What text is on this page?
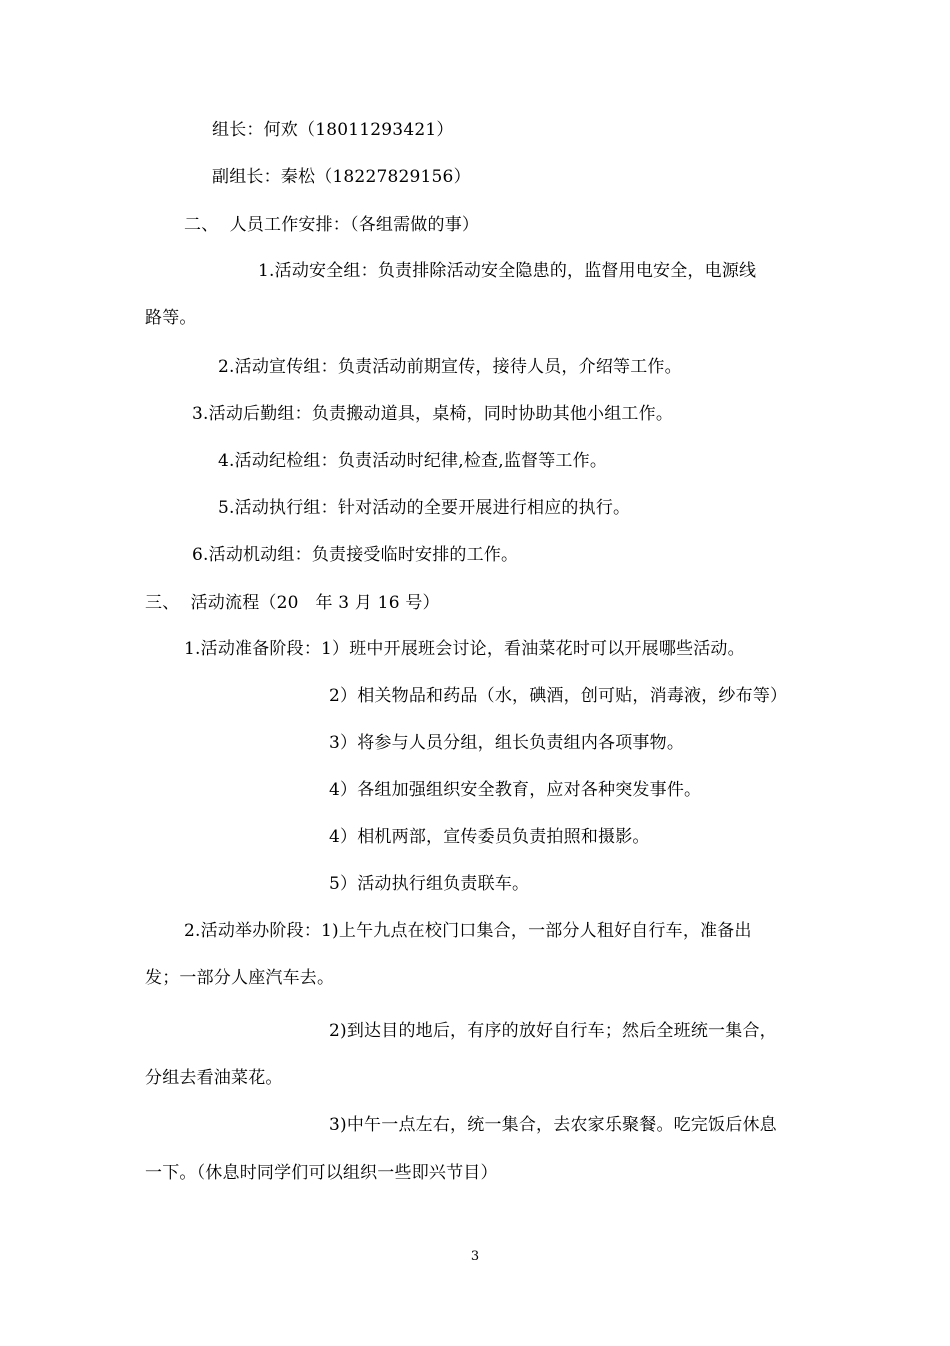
组长：何欢（18011293421）
副组长：秦松（18227829156）
二、  人员工作安排：（各组需做的事）
1.活动安全组：负责排除活动安全隐患的，监督用电安全，电源线
路等。
2.活动宣传组：负责活动前期宣传，接待人员，介绍等工作。
3.活动后勤组：负责搬动道具，桌椅，同时协助其他小组工作。
4.活动纪检组：负责活动时纪律,检查,监督等工作。
5.活动执行组：针对活动的全要开展进行相应的执行。
6.活动机动组：负责接受临时安排的工作。
三、  活动流程（20   年 3 月 16 号）
1.活动准备阶段：1）班中开展班会讨论，看油菜花时可以开展哪些活动。
2）相关物品和药品（水，碘酒，创可贴，消毒液，纱布等）
3）将参与人员分组，组长负责组内各项事物。
4）各组加强组织安全教育，应对各种突发事件。
4）相机两部，宣传委员负责拍照和摄影。
5）活动执行组负责联车。
2.活动举办阶段：1)上午九点在校门口集合，一部分人租好自行车，准备出
发；一部分人座汽车去。
2)到达目的地后，有序的放好自行车；然后全班统一集合，
分组去看油菜花。
3)中午一点左右，统一集合，去农家乐聚餐。吃完饭后休息
一下。（休息时同学们可以组织一些即兴节目）
3
